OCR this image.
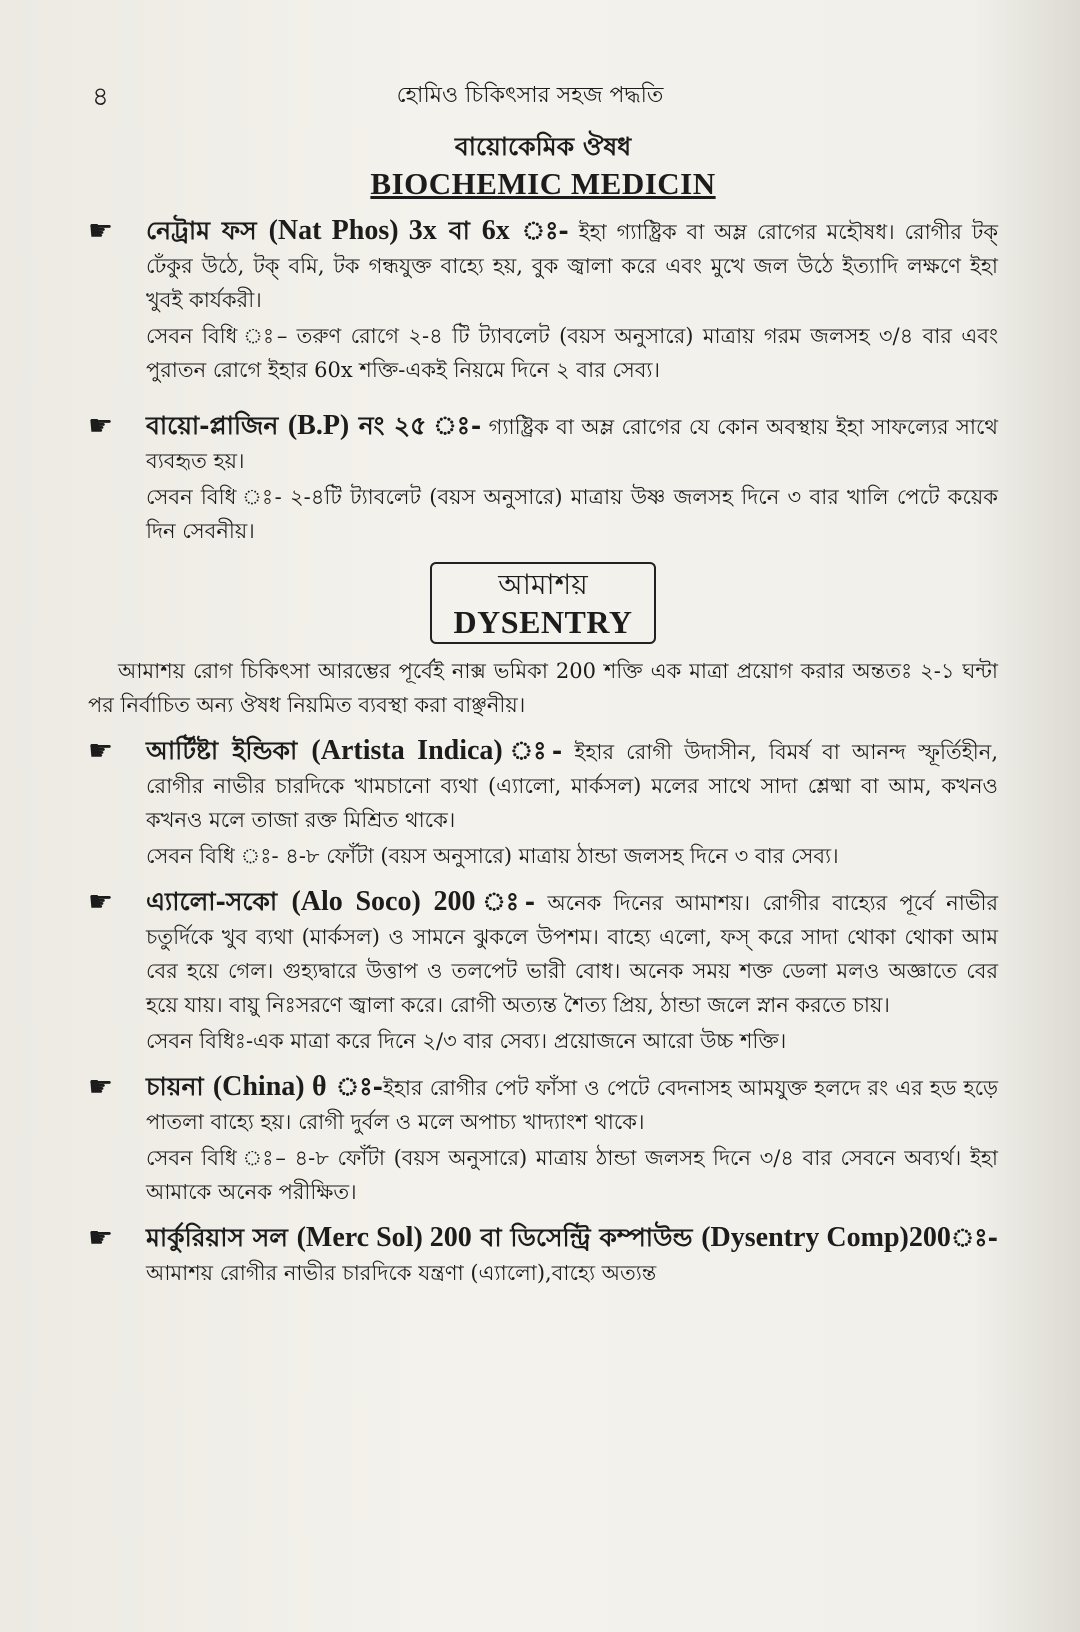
৪	হোমিও চিকিৎসার সহজ পদ্ধতি
বায়োকেমিক ঔষধ
BIOCHEMIC MEDICIN
☛ নেট্রাম ফস (Nat Phos) 3x বা 6x ঃ- ইহা গ্যাষ্ট্রিক বা অম্ল রোগের মহৌষধ। রোগীর টক্ ঢেঁকুর উঠে, টক্ বমি, টক গন্ধযুক্ত বাহ্যে হয়, বুক জ্বালা করে এবং মুখে জল উঠে ইত্যাদি লক্ষণে ইহা খুবই কার্যকরী।
সেবন বিধি ঃ– তরুণ রোগে ২-৪ টি ট্যাবলেট (বয়স অনুসারে) মাত্রায় গরম জলসহ ৩/৪ বার এবং পুরাতন রোগে ইহার 60x শক্তি-একই নিয়মে দিনে ২ বার সেব্য।
☛ বায়ো-প্লাজিন (B.P) নং ২৫ ঃ- গ্যাষ্ট্রিক বা অম্ল রোগের যে কোন অবস্থায় ইহা সাফল্যের সাথে ব্যবহৃত হয়।
সেবন বিধি ঃ- ২-৪টি ট্যাবলেট (বয়স অনুসারে) মাত্রায় উষ্ণ জলসহ দিনে ৩ বার খালি পেটে কয়েক দিন সেবনীয়।
আমাশয়
DYSENTRY
আমাশয় রোগ চিকিৎসা আরম্ভের পূর্বেই নাক্স ভমিকা 200 শক্তি এক মাত্রা প্রয়োগ করার অন্ততঃ ২-১ ঘন্টা পর নির্বাচিত অন্য ঔষধ নিয়মিত ব্যবস্থা করা বাঞ্ছনীয়।
☛ আর্টিষ্টা ইন্ডিকা (Artista Indica) ঃ- ইহার রোগী উদাসীন, বিমর্ষ বা আনন্দ স্ফূর্তিহীন, রোগীর নাভীর চারদিকে খামচানো ব্যথা (এ্যালো, মার্কসল) মলের সাথে সাদা শ্লেষ্মা বা আম, কখনও কখনও মলে তাজা রক্ত মিশ্রিত থাকে।
সেবন বিধি ঃ- ৪-৮ ফোঁটা (বয়স অনুসারে) মাত্রায় ঠান্ডা জলসহ দিনে ৩ বার সেব্য।
☛ এ্যালো-সকো (Alo Soco) 200 ঃ- অনেক দিনের আমাশয়। রোগীর বাহ্যের পূর্বে নাভীর চতুর্দিকে খুব ব্যথা (মার্কসল) ও সামনে ঝুকলে উপশম। বাহ্যে এলো, ফস্ করে সাদা থোকা থোকা আম বের হয়ে গেল। গুহ্যদ্বারে উত্তাপ ও তলপেট ভারী বোধ। অনেক সময় শক্ত ডেলা মলও অজ্ঞাতে বের হয়ে যায়। বায়ু নিঃসরণে জ্বালা করে। রোগী অত্যন্ত শৈত্য প্রিয়, ঠান্ডা জলে স্নান করতে চায়।
সেবন বিধিঃ-এক মাত্রা করে দিনে ২/৩ বার সেব্য। প্রয়োজনে আরো উচ্চ শক্তি।
☛ চায়না (China) θ ঃ-ইহার রোগীর পেট ফাঁসা ও পেটে বেদনাসহ আমযুক্ত হলদে রং এর হড হড়ে পাতলা বাহ্যে হয়। রোগী দুর্বল ও মলে অপাচ্য খাদ্যাংশ থাকে।
সেবন বিধি ঃ– ৪-৮ ফোঁটা (বয়স অনুসারে) মাত্রায় ঠান্ডা জলসহ দিনে ৩/৪ বার সেবনে অব্যর্থ। ইহা আমাকে অনেক পরীক্ষিত।
☛ মার্কুরিয়াস সল (Merc Sol) 200 বা ডিসেন্ট্রি কম্পাউন্ড (Dysentry Comp)200ঃ- আমাশয় রোগীর নাভীর চারদিকে যন্ত্রণা (এ্যালো),বাহ্যে অত্যন্ত
